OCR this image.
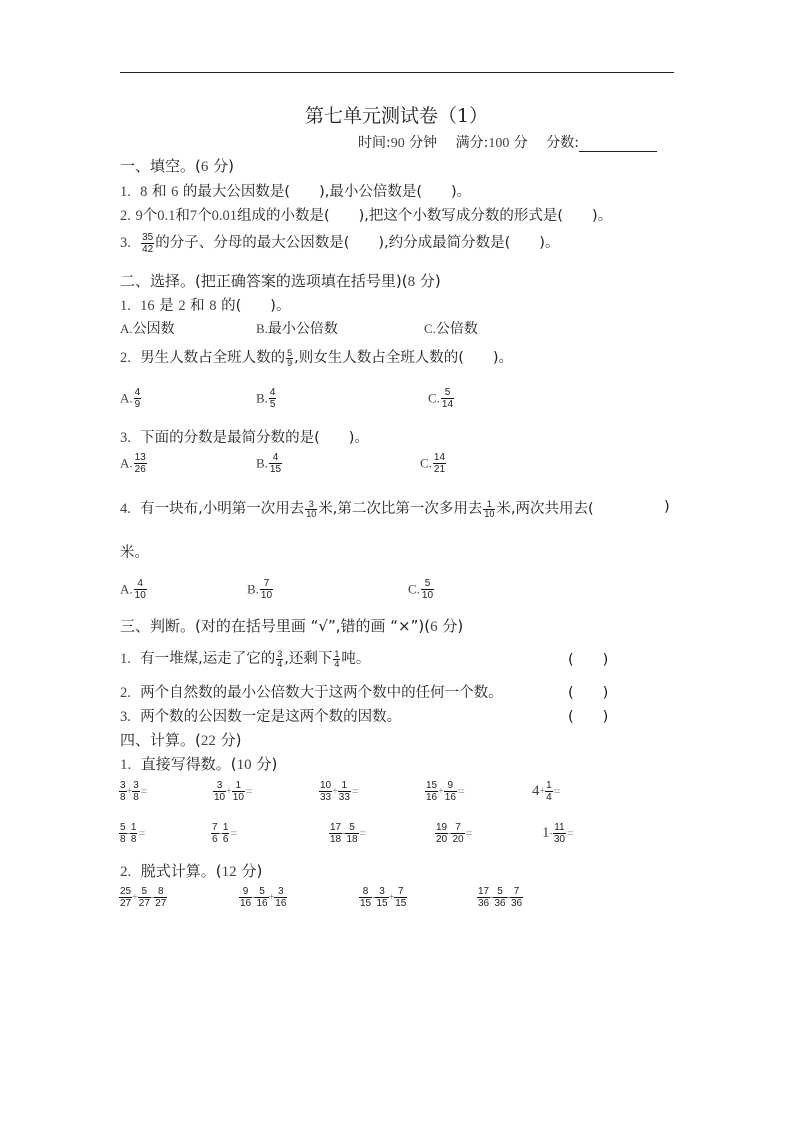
第七单元测试卷（1）
时间:90 分钟 满分:100 分 分数:
一、填空。(6 分)
1. 8 和 6 的最大公因数是(　　),最小公倍数是(　　)。
2. 9个0.1和7个0.01组成的小数是(　　),把这个小数写成分数的形式是(　　)。
3. $\frac{35}{42}$ 的分子、分母的最大公因数是(　　),约分成最简分数是(　　)。
二、选择。(把正确答案的选项填在括号里)(8 分)
1. 16 是 2 和 8 的(　　)。
A.公因数	B.最小公倍数	C.公倍数
2. 男生人数占全班人数的 $\frac{5}{9}$ ,则女生人数占全班人数的(　　)。
A. $\frac{4}{9}$	B. $\frac{4}{5}$	C. $\frac{5}{14}$
3. 下面的分数是最简分数的是(　　)。
A. $\frac{13}{26}$	B. $\frac{4}{15}$	C. $\frac{14}{21}$
4. 有一块布,小明第一次用去 $\frac{3}{10}$ 米,第二次比第一次多用去 $\frac{1}{10}$ 米,两次共用去(	)
米。
A. $\frac{4}{10}$	B. $\frac{7}{10}$	C. $\frac{5}{10}$
三、判断。(对的在括号里画 “√”,错的画 “×”)(6 分)
1. 有一堆煤,运走了它的 $\frac{3}{4}$ ,还剩下 $\frac{1}{4}$ 吨。	(　　)
2. 两个自然数的最小公倍数大于这两个数中的任何一个数。	(　　)
3. 两个数的公因数一定是这两个数的因数。	(　　)
四、计算。(22 分)
1. 直接写得数。(10 分)
$\frac{3}{8} + \frac{3}{8}$ =	$\frac{3}{10} + \frac{1}{10}$ =	$\frac{10}{33} + \frac{1}{33}$ =	$\frac{15}{16} + \frac{9}{16}$ =	$4 + \frac{1}{4}$ =
$\frac{5}{8} - \frac{1}{8}$ =	$\frac{7}{6} - \frac{1}{6}$ =	$\frac{17}{18} - \frac{5}{18}$ =	$\frac{19}{20} - \frac{7}{20}$ =	$1 - \frac{11}{30}$ =
2. 脱式计算。(12 分)
$\frac{25}{27} + \frac{5}{27} - \frac{8}{27}$	$\frac{9}{16} - \frac{5}{16} + \frac{3}{16}$	$\frac{8}{15} - \frac{3}{15} + \frac{7}{15}$	$\frac{17}{36} - \frac{5}{36} - \frac{7}{36}$
